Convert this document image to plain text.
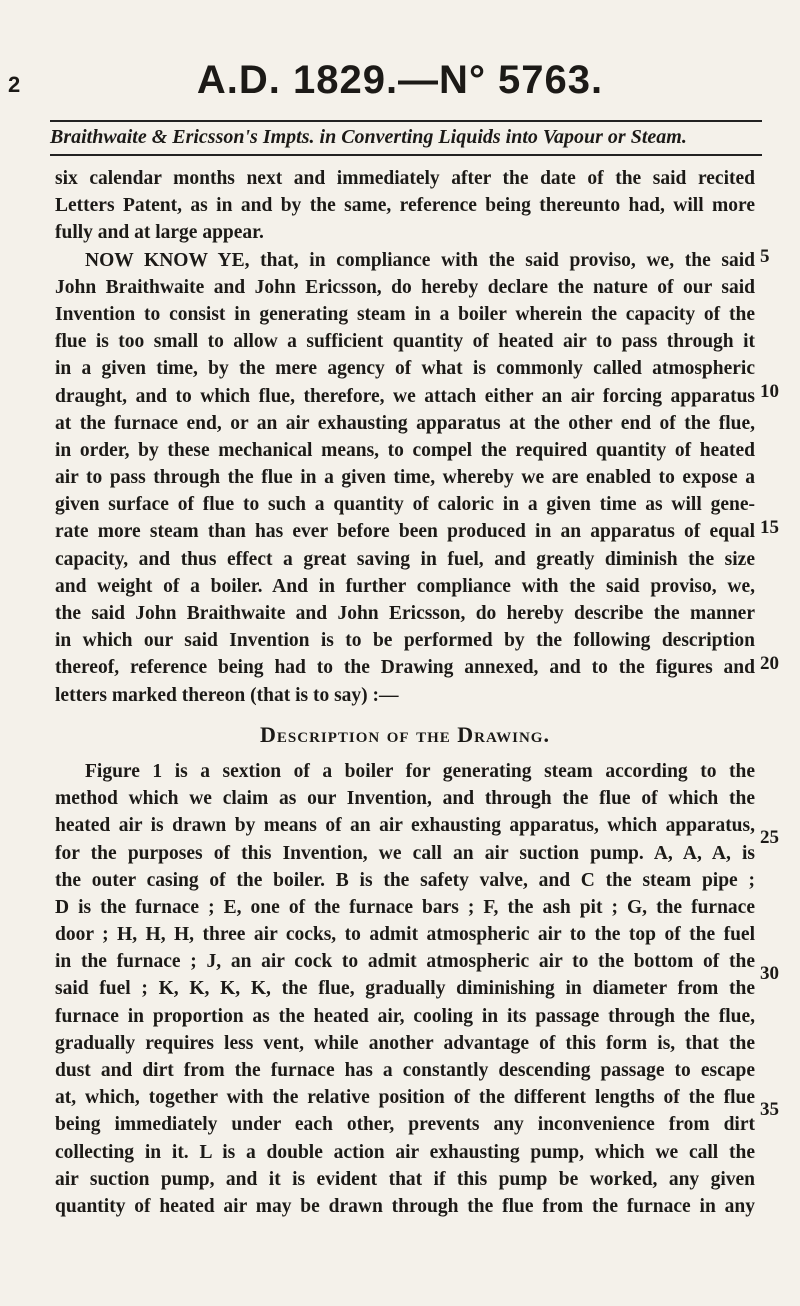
2	A.D. 1829.—N° 5763.
Braithwaite & Ericsson's Impts. in Converting Liquids into Vapour or Steam.
six calendar months next and immediately after the date of the said recited
Letters Patent, as in and by the same, reference being thereunto had, will more
fully and at large appear.
NOW KNOW YE, that, in compliance with the said proviso, we, the said
John Braithwaite and John Ericsson, do hereby declare the nature of our said
Invention to consist in generating steam in a boiler wherein the capacity of the
flue is too small to allow a sufficient quantity of heated air to pass through it
in a given time, by the mere agency of what is commonly called atmospheric
draught, and to which flue, therefore, we attach either an air forcing apparatus
at the furnace end, or an air exhausting apparatus at the other end of the flue,
in order, by these mechanical means, to compel the required quantity of heated
air to pass through the flue in a given time, whereby we are enabled to expose a
given surface of flue to such a quantity of caloric in a given time as will gene-
rate more steam than has ever before been produced in an apparatus of equal
capacity, and thus effect a great saving in fuel, and greatly diminish the size
and weight of a boiler. And in further compliance with the said proviso, we,
the said John Braithwaite and John Ericsson, do hereby describe the manner
in which our said Invention is to be performed by the following description
thereof, reference being had to the Drawing annexed, and to the figures and
letters marked thereon (that is to say) :—
Description of the Drawing.
Figure 1 is a sextion of a boiler for generating steam according to the
method which we claim as our Invention, and through the flue of which the
heated air is drawn by means of an air exhausting apparatus, which apparatus,
for the purposes of this Invention, we call an air suction pump. A, A, A, is
the outer casing of the boiler. B is the safety valve, and C the steam pipe ;
D is the furnace ; E, one of the furnace bars ; F, the ash pit ; G, the furnace
door ; H, H, H, three air cocks, to admit atmospheric air to the top of the fuel
in the furnace ; J, an air cock to admit atmospheric air to the bottom of the
said fuel ; K, K, K, K, the flue, gradually diminishing in diameter from the
furnace in proportion as the heated air, cooling in its passage through the flue,
gradually requires less vent, while another advantage of this form is, that the
dust and dirt from the furnace has a constantly descending passage to escape
at, which, together with the relative position of the different lengths of the flue
being immediately under each other, prevents any inconvenience from dirt
collecting in it. L is a double action air exhausting pump, which we call the
air suction pump, and it is evident that if this pump be worked, any given
quantity of heated air may be drawn through the flue from the furnace in any
5
10
15
20
25
30
35
